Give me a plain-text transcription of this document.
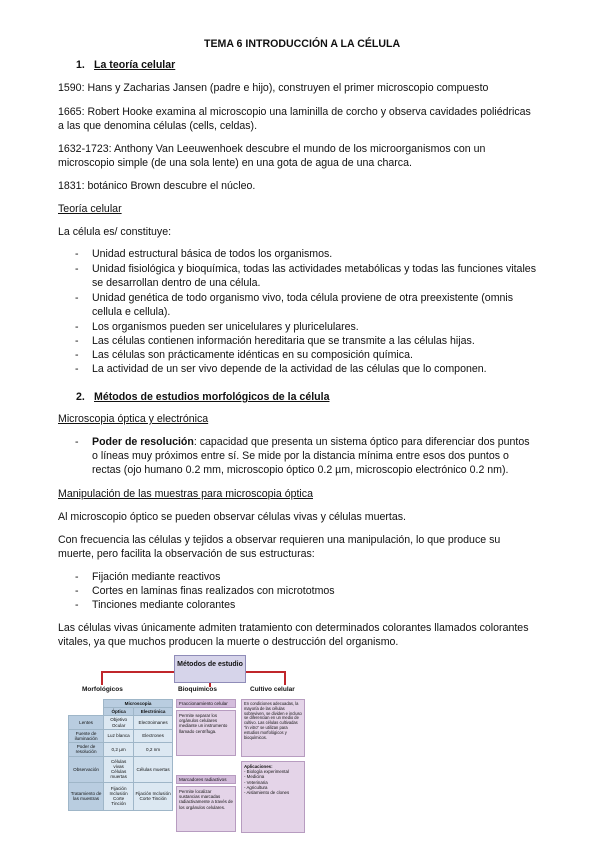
TEMA 6 INTRODUCCIÓN A LA CÉLULA
1. La teoría celular
1590: Hans y Zacharias Jansen (padre e hijo), construyen el primer microscopio compuesto
1665: Robert Hooke examina al microscopio una laminilla de corcho y observa cavidades poliédricas
a las que denomina células (cells, celdas).
1632-1723: Anthony Van Leeuwenhoek descubre el mundo de los microorganismos con un
microscopio simple (de una sola lente) en una gota de agua de una charca.
1831: botánico Brown descubre el núcleo.
Teoría celular
La célula es/ constituye:
- Unidad estructural básica de todos los organismos.
- Unidad fisiológica y bioquímica, todas las actividades metabólicas y todas las funciones vitales
se desarrollan dentro de una célula.
- Unidad genética de todo organismo vivo, toda célula proviene de otra preexistente (omnis
cellula e cellula).
- Los organismos pueden ser unicelulares y pluricelulares.
- Las células contienen información hereditaria que se transmite a las células hijas.
- Las células son prácticamente idénticas en su composición química.
- La actividad de un ser vivo depende de la actividad de las células que lo componen.
2. Métodos de estudios morfológicos de la célula
Microscopia óptica y electrónica
- Poder de resolución: capacidad que presenta un sistema óptico para diferenciar dos puntos
o líneas muy próximos entre sí. Se mide por la distancia mínima entre esos dos puntos o
rectas (ojo humano 0.2 mm, microscopio óptico 0.2 µm, microscopio electrónico 0.2 nm).
Manipulación de las muestras para microscopia óptica
Al microscopio óptico se pueden observar células vivas y células muertas.
Con frecuencia las células y tejidos a observar requieren una manipulación, lo que produce su
muerte, pero facilita la observación de sus estructuras:
- Fijación mediante reactivos
- Cortes en laminas finas realizados con micrototmos
- Tinciones mediante colorantes
Las células vivas únicamente admiten tratamiento con determinados colorantes llamados colorantes
vitales, ya que muchos producen la muerte o destrucción del organismo.
Métodos de estudio
Morfológicos	Bioquímicos	Cultivo celular
	Microscopia	
	Óptica	Electrónica
Lentes	Objetivo Ocular	Electroimanes
Fuente de iluminación	Luz blanca	Electrones
Poder de resolución	0,2 µm	0,2 nm
Observación	Células vivas Células muertas	Células muertas
Tratamiento de las muestras	Fijación Inclusión Corte Tinción	Fijación Inclusión Corte Tinción
Fraccionamiento celular
Permite separar los orgánulos celulares mediante un instrumento llamado centrífuga.
Marcadores radiactivos
Permite localizar sustancias marcadas radiactivamente a través de los orgánulos celulares.
En condiciones adecuadas, la mayoría de las células sobreviven, se dividen e incluso se diferencian en un medio de cultivo. Las células cultivadas "in vitro" se utilizan para estudios morfológicos y bioquímicos.
Aplicaciones:
- Biología experimental
- Medicina
- Veterinaria
- Agricultura
- Aislamiento de clones
